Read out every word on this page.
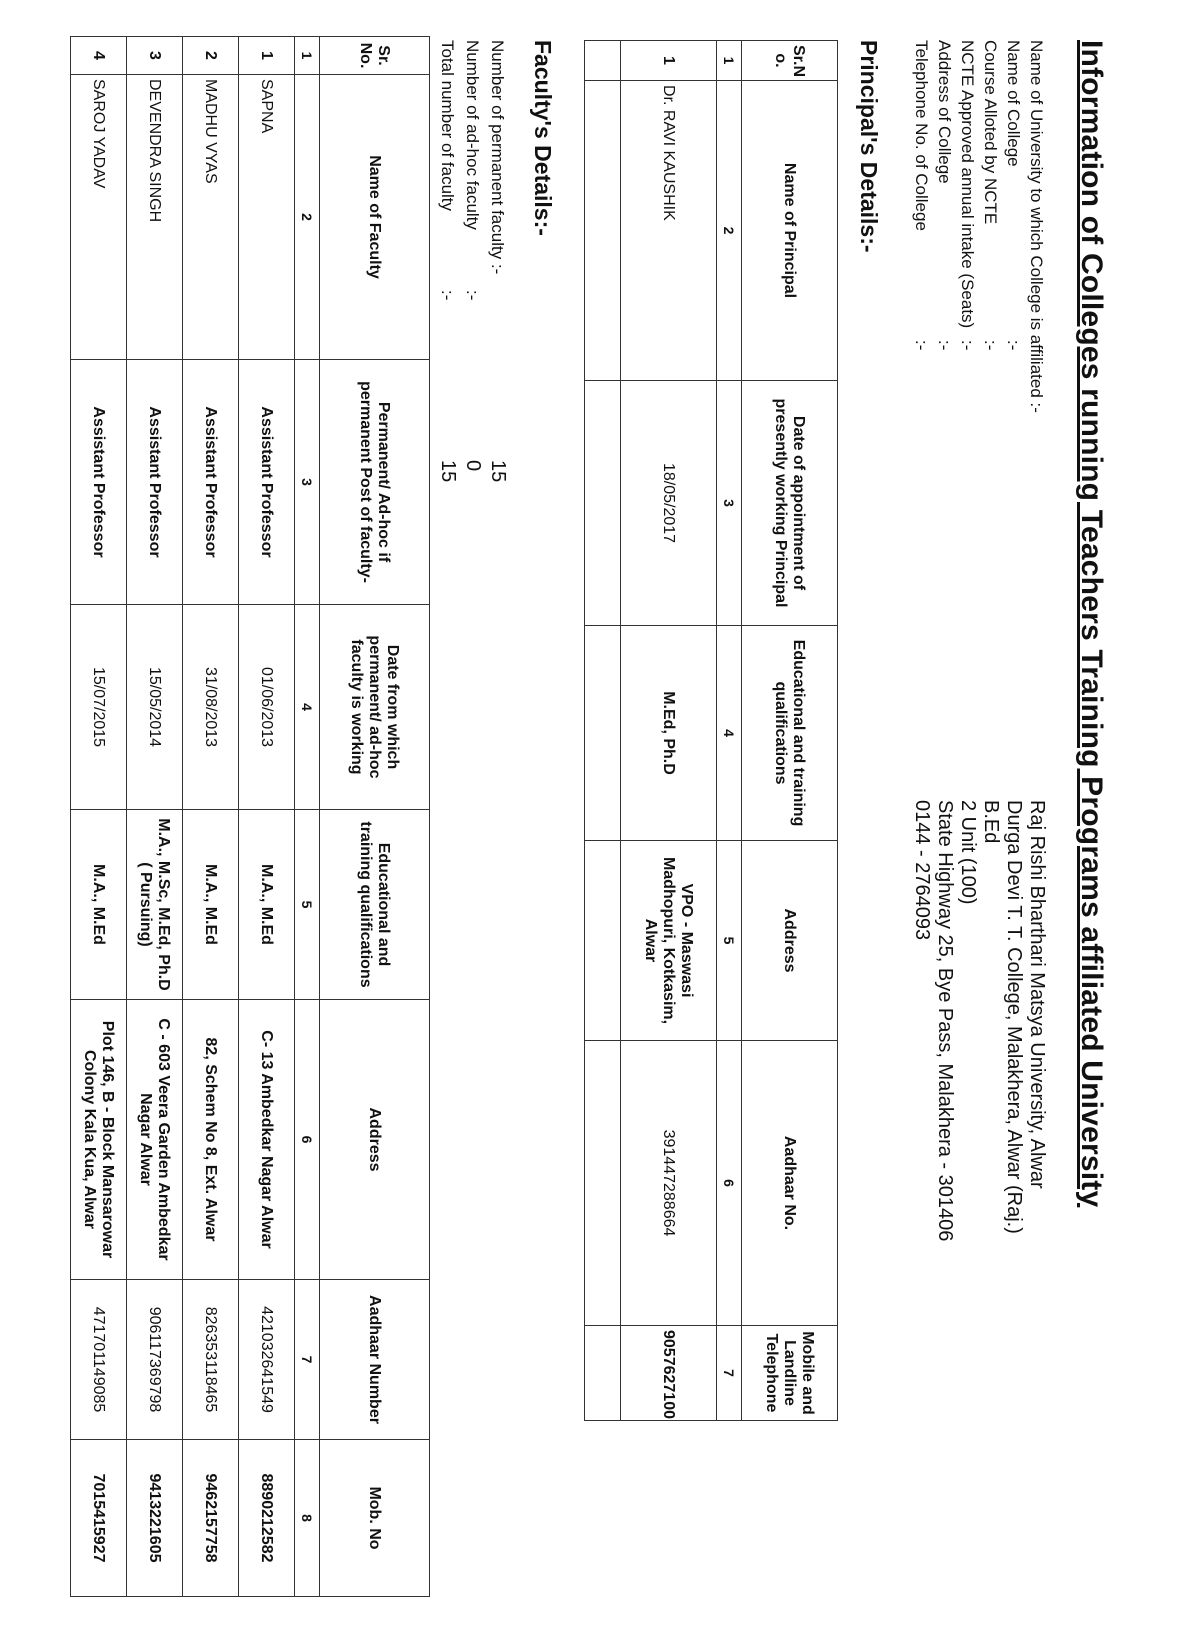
Information of Colleges running Teachers Training Programs affiliated University
Name of University to which College is affiliated :-
Raj Rishi Bharthari Matsya University, Alwar
Name of College
:-
Durga Devi T. T. College, Malakhera, Alwar (Raj.)
Course Alloted by NCTE
:-
B.Ed
NCTE Approved annual intake (Seats)
:-
2 Unit (100)
Address of College
:-
State Highway 25, Bye Pass, Malakhera - 301406
Telephone No. of College
:-
0144 - 2764093
Principal's Details:-
Sr.N o.	Name of Principal	Date of appointment of presently working Principal	Educational and training qualifications	Address	Aadhaar No.	Mobile and Landline Telephone
1	2	3	4	5	6	7
1	Dr. RAVI KAUSHIK	18/05/2017	M.Ed, Ph.D	VPO - Maswasi Madhopuri, Kotkasim, Alwar	391447288664	9057627100

Faculty's Details:-
Number of permanent faculty :-
15
Number of ad-hoc faculty
:-
0
Total number of faculty
:-
15
Sr. No.	Name of Faculty	Permanent/ Ad-hoc if permanent Post of faculty-	Date from which permanent/ ad-hoc faculty is working	Educational and training qualifications	Address	Aadhaar Number	Mob. No
1	2	3	4	5	6	7	8
1	SAPNA	Assistant Professor	01/06/2013	M.A., M.Ed	C- 13 Ambedkar Nagar Alwar	421032641549	8890212582
2	MADHU VYAS	Assistant Professor	31/08/2013	M.A., M.Ed	82, Schem No 8, Ext. Alwar	826353118465	9462157758
3	DEVENDRA SINGH	Assistant Professor	15/05/2014	M.A., M.Sc, M.Ed, Ph.D ( Pursuing)	C - 603 Veera Garden Ambedkar Nagar Alwar	906117369798	9413221605
4	SAROJ YADAV	Assistant Professor	15/07/2015	M.A., M.Ed	Plot 146, B - Block Mansarowar Colony Kala Kua, Alwar	471701149085	7015415927
